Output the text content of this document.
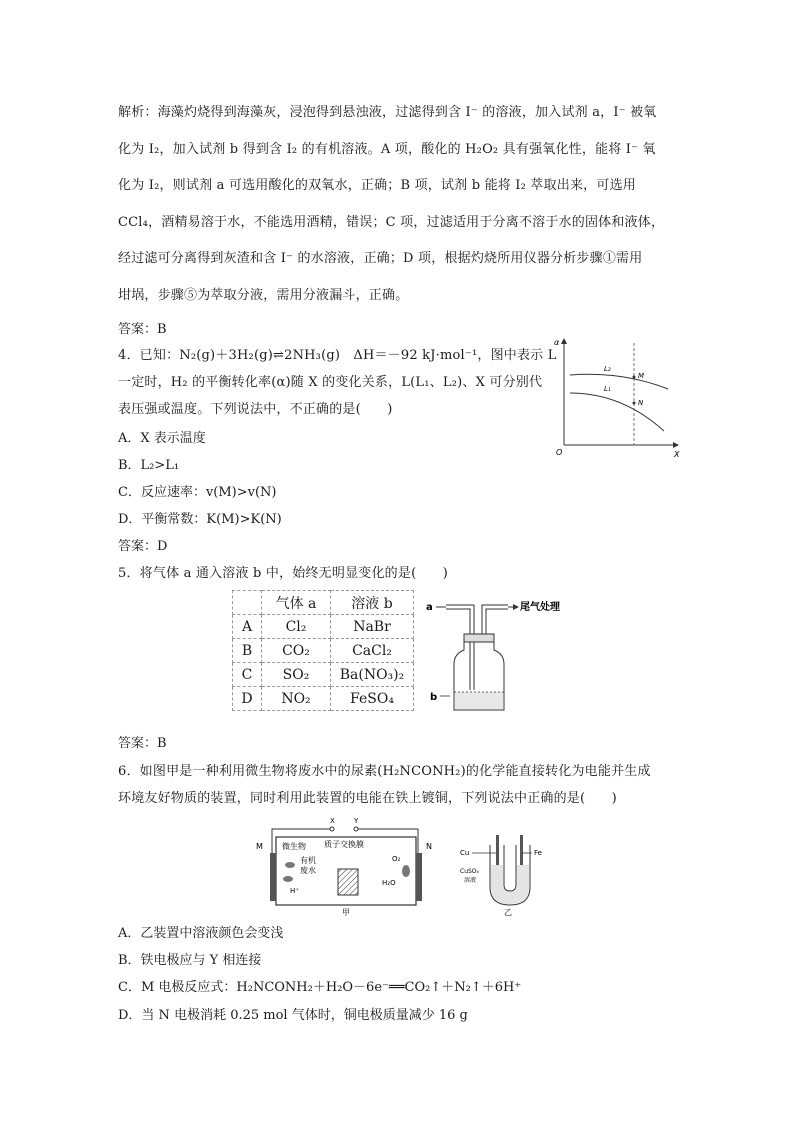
解析：海藻灼烧得到海藻灰，浸泡得到悬浊液，过滤得到含 I⁻ 的溶液，加入试剂 a，I⁻ 被氧
化为 I₂，加入试剂 b 得到含 I₂ 的有机溶液。A 项，酸化的 H₂O₂ 具有强氧化性，能将 I⁻ 氧
化为 I₂，则试剂 a 可选用酸化的双氧水，正确；B 项，试剂 b 能将 I₂ 萃取出来，可选用
CCl₄，酒精易溶于水，不能选用酒精，错误；C 项，过滤适用于分离不溶于水的固体和液体，
经过滤可分离得到灰渣和含 I⁻ 的水溶液，正确；D 项，根据灼烧所用仪器分析步骤①需用
坩埚，步骤⑤为萃取分液，需用分液漏斗，正确。
答案：B
4．已知：N₂(g)＋3H₂(g)⇌2NH₃(g)　ΔH＝－92 kJ·mol⁻¹，图中表示 L
一定时，H₂ 的平衡转化率(α)随 X 的变化关系，L(L₁、L₂)、X 可分别代
表压强或温度。下列说法中，不正确的是(　　)
A．X 表示温度
B．L₂>L₁
C．反应速率：v(M)>v(N)
D．平衡常数：K(M)>K(N)
答案：D
α
X
O
L₂
L₁
M
N
5．将气体 a 通入溶液 b 中，始终无明显变化的是(　　)
	气体 a	溶液 b
A	Cl₂	NaBr
B	CO₂	CaCl₂
C	SO₂	Ba(NO₃)₂
D	NO₂	FeSO₄
a	尾气处理
b
答案：B
6．如图甲是一种利用微生物将废水中的尿素(H₂NCONH₂)的化学能直接转化为电能并生成
环境友好物质的装置，同时利用此装置的电能在铁上镀铜，下列说法中正确的是(　　)
X	Y
M	N
微生物
有机
废水
H⁺
质子交换膜
O₂
H₂O
甲
Cu	Fe
CuSO₄
溶液
乙
A．乙装置中溶液颜色会变浅
B．铁电极应与 Y 相连接
C．M 电极反应式：H₂NCONH₂＋H₂O－6e⁻══CO₂↑＋N₂↑＋6H⁺
D．当 N 电极消耗 0.25 mol 气体时，铜电极质量减少 16 g
